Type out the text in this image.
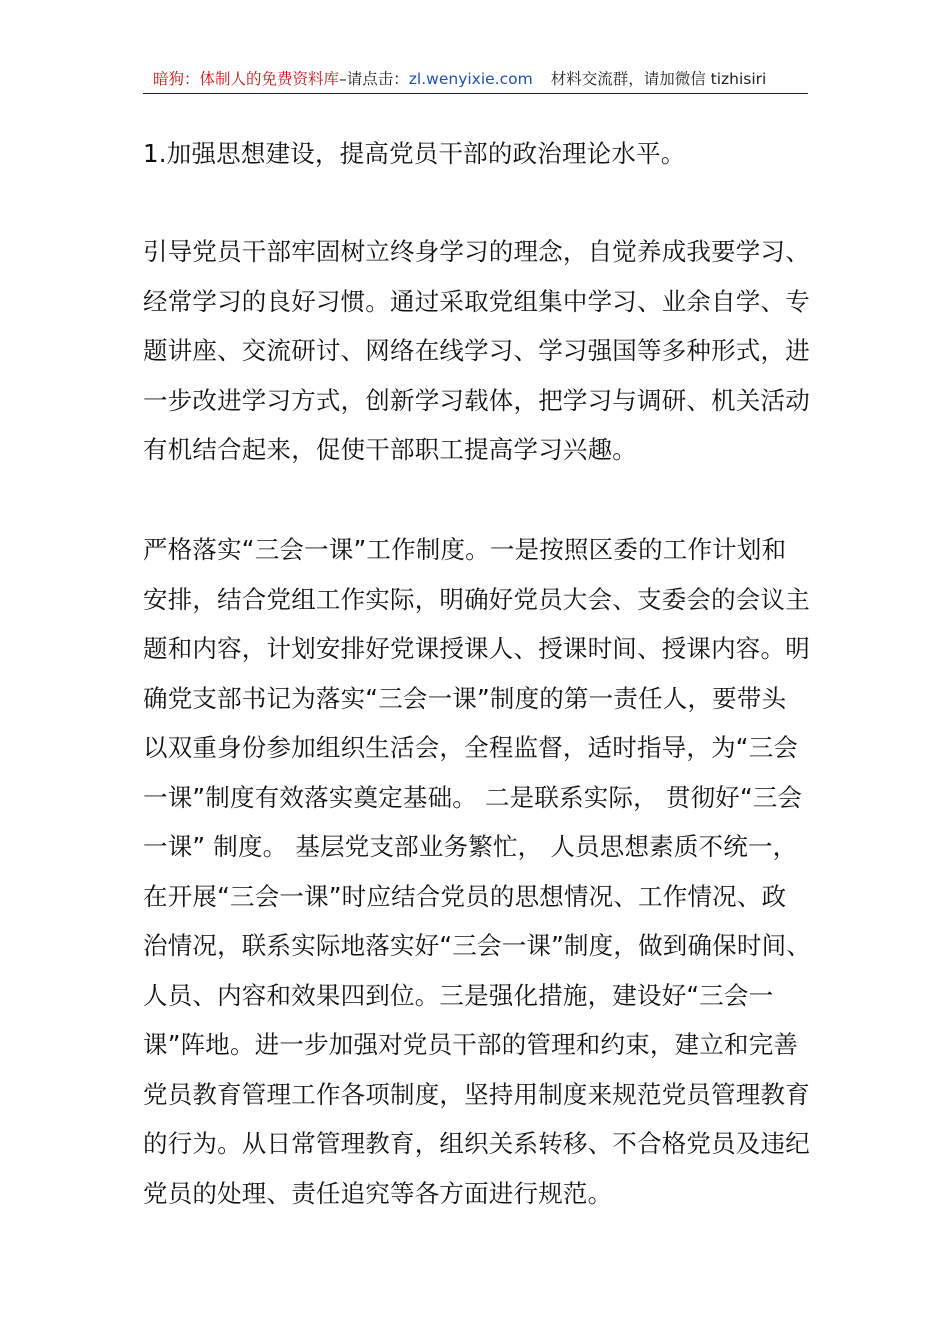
暗狗：体制人的免费资料库–请点击：zl.wenyixie.com 材料交流群，请加微信 tizhisiri
1.加强思想建设，提高党员干部的政治理论水平。
引导党员干部牢固树立终身学习的理念，自觉养成我要学习、
经常学习的良好习惯。通过采取党组集中学习、业余自学、专
题讲座、交流研讨、网络在线学习、学习强国等多种形式，进
一步改进学习方式，创新学习载体，把学习与调研、机关活动
有机结合起来，促使干部职工提高学习兴趣。
严格落实“三会一课”工作制度。一是按照区委的工作计划和
安排，结合党组工作实际，明确好党员大会、支委会的会议主
题和内容，计划安排好党课授课人、授课时间、授课内容。明
确党支部书记为落实“三会一课”制度的第一责任人，要带头
以双重身份参加组织生活会，全程监督，适时指导，为“三会
一课”制度有效落实奠定基础。 二是联系实际， 贯彻好“三会
一课” 制度。 基层党支部业务繁忙， 人员思想素质不统一，
在开展“三会一课”时应结合党员的思想情况、工作情况、政
治情况，联系实际地落实好“三会一课”制度，做到确保时间、
人员、内容和效果四到位。三是强化措施，建设好“三会一
课”阵地。进一步加强对党员干部的管理和约束，建立和完善
党员教育管理工作各项制度，坚持用制度来规范党员管理教育
的行为。从日常管理教育，组织关系转移、不合格党员及违纪
党员的处理、责任追究等各方面进行规范。
